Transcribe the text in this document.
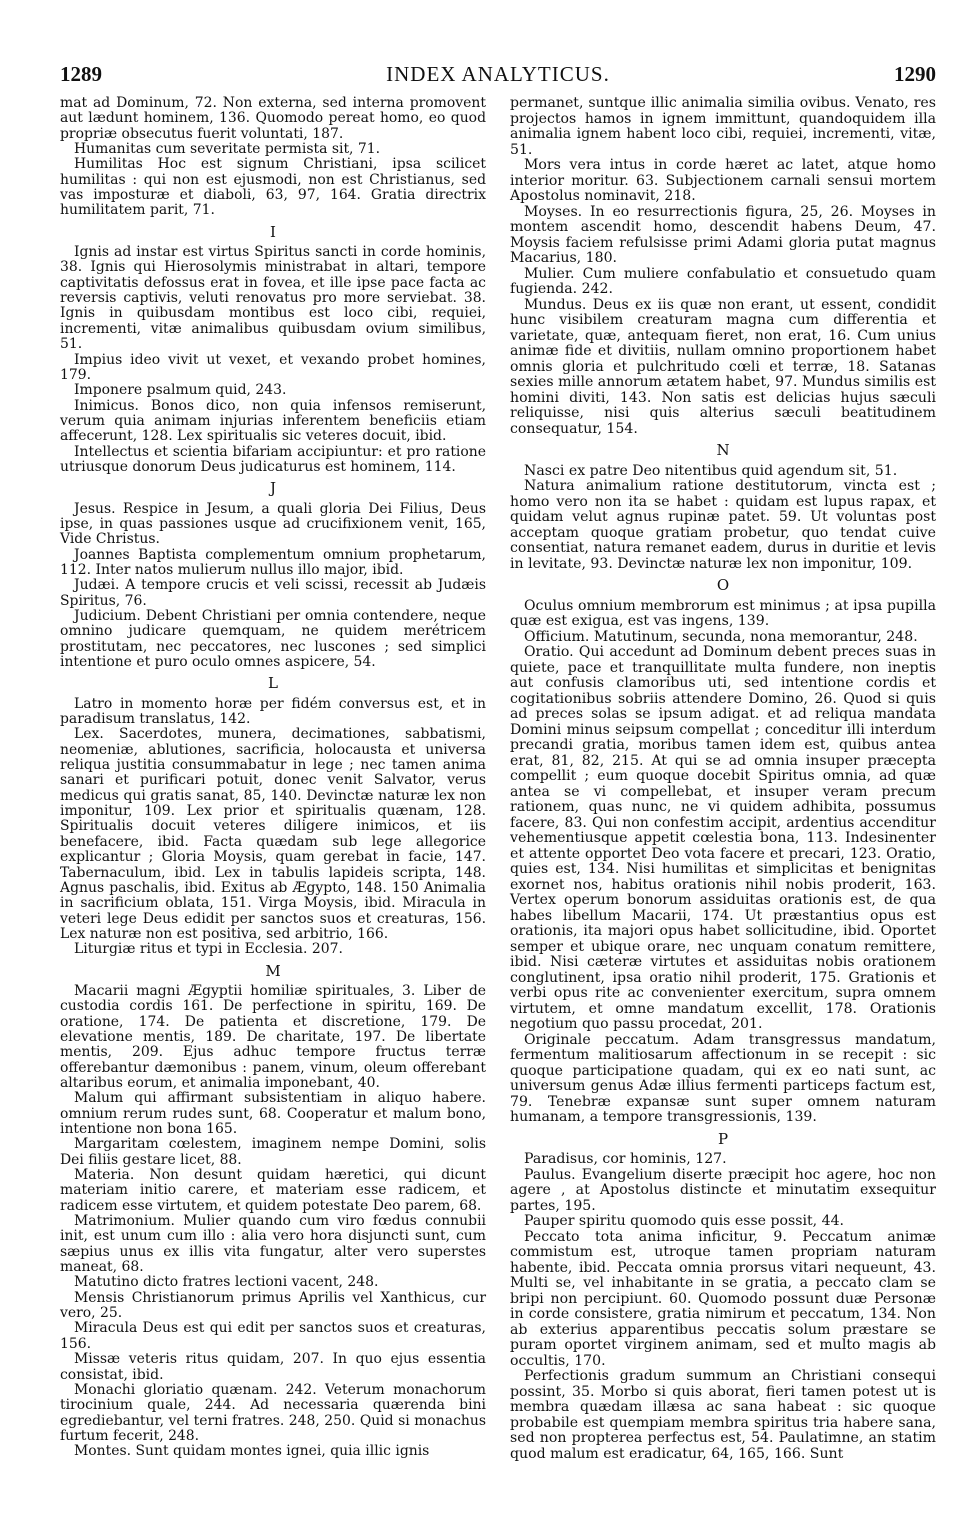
1289	INDEX ANALYTICUS.	1290

mat ad Dominum, 72. Non externa, sed interna promovent aut lædunt hominem, 136. Quomodo pereat homo, eo quod propriæ obsecutus fuerit voluntati, 187.

Humanitas cum severitate permista sit, 71.

Humilitas Hoc est signum Christiani, ipsa scilicet humilitas : qui non est ejusmodi, non est Christianus, sed vas imposturæ et diaboli, 63, 97, 164. Gratia directrix humilitatem parit, 71.

I

Ignis ad instar est virtus Spiritus sancti in corde hominis, 38. Ignis qui Hierosolymis ministrabat in altari, tempore captivitatis defossus erat in fovea, et ille ipse pace facta ac reversis captivis, veluti renovatus pro more serviebat. 38. Ignis in quibusdam montibus est loco cibi, requiei, incrementi, vitæ animalibus quibusdam ovium similibus, 51.

Impius ideo vivit ut vexet, et vexando probet homines, 179.

Imponere psalmum quid, 243.

Inimicus. Bonos dico, non quia infensos remiserunt, verum quia animam injurias inferentem beneficiis etiam affecerunt, 128. Lex spiritualis sic veteres docuit, ibid.

Intellectus et scientia bifariam accipiuntur: et pro ratione utriusque donorum Deus judicaturus est hominem, 114.

J

Jesus. Respice in Jesum, a quali gloria Dei Filius, Deus ipse, in quas passiones usque ad crucifixionem venit, 165, Vide Christus.

Joannes Baptista complementum omnium prophetarum, 112. Inter natos mulierum nullus illo major, ibid.

Judæi. A tempore crucis et veli scissi, recessit ab Judæis Spiritus, 76.

Judicium. Debent Christiani per omnia contendere, neque omnino judicare quemquam, ne quidem merétricem prostitutam, nec peccatores, nec luscones ; sed simplici intentione et puro oculo omnes aspicere, 54.

L

Latro in momento horæ per fidém conversus est, et in paradisum translatus, 142.

Lex. Sacerdotes, munera, decimationes, sabbatismi, neomeniæ, ablutiones, sacrificia, holocausta et universa reliqua justitia consummabatur in lege ; nec tamen anima sanari et purificari potuit, donec venit Salvator, verus medicus qui gratis sanat, 85, 140. Devinctæ naturæ lex non imponitur, 109. Lex prior et spiritualis quænam, 128. Spiritualis docuit veteres diligere inimicos, et iis benefacere, ibid. Facta quædam sub lege allegorice explicantur ; Gloria Moysis, quam gerebat in facie, 147. Tabernaculum, ibid. Lex in tabulis lapideis scripta, 148. Agnus paschalis, ibid. Exitus ab Ægypto, 148. 150 Animalia in sacrificium oblata, 151. Virga Moysis, ibid. Miracula in veteri lege Deus edidit per sanctos suos et creaturas, 156. Lex naturæ non est positiva, sed arbitrio, 166.

Liturgiæ ritus et typi in Ecclesia. 207.

M

Macarii magni Ægyptii homiliæ spirituales, 3. Liber de custodia cordis 161. De perfectione in spiritu, 169. De oratione, 174. De patienta et discretione, 179. De elevatione mentis, 189. De charitate, 197. De libertate mentis, 209. Ejus adhuc tempore fructus terræ offerebantur dæmonibus : panem, vinum, oleum offerebant altaribus eorum, et animalia imponebant, 40.

Malum qui affirmant subsistentiam in aliquo habere. omnium rerum rudes sunt, 68. Cooperatur et malum bono, intentione non bona 165.

Margaritam cœlestem, imaginem nempe Domini, solis Dei filiis gestare licet, 88.

Materia. Non desunt quidam hæretici, qui dicunt materiam initio carere, et materiam esse radicem, et radicem esse virtutem, et quidem potestate Deo parem, 68.

Matrimonium. Mulier quando cum viro fœdus connubii init, est unum cum illo : alia vero hora disjuncti sunt, cum sæpius unus ex illis vita fungatur, alter vero superstes maneat, 68.

Matutino dicto fratres lectioni vacent, 248.

Mensis Christianorum primus Aprilis vel Xanthicus, cur vero, 25.

Miracula Deus est qui edit per sanctos suos et creaturas, 156.

Missæ veteris ritus quidam, 207. In quo ejus essentia consistat, ibid.

Monachi gloriatio quænam. 242. Veterum monachorum tirocinium quale, 244. Ad necessaria quærenda bini egrediebantur, vel terni fratres. 248, 250. Quid si monachus furtum fecerit, 248.

Montes. Sunt quidam montes ignei, quia illic ignis

permanet, suntque illic animalia similia ovibus. Venato, res projectos hamos in ignem immittunt, quandoquidem illa animalia ignem habent loco cibi, requiei, incrementi, vitæ, 51.

Mors vera intus in corde hæret ac latet, atque homo interior moritur. 63. Subjectionem carnali sensui mortem Apostolus nominavit, 218.

Moyses. In eo resurrectionis figura, 25, 26. Moyses in montem ascendit homo, descendit habens Deum, 47. Moysis faciem refulsisse primi Adami gloria putat magnus Macarius, 180.

Mulier. Cum muliere confabulatio et consuetudo quam fugienda. 242.

Mundus. Deus ex iis quæ non erant, ut essent, condidit hunc visibilem creaturam magna cum differentia et varietate, quæ, antequam fieret, non erat, 16. Cum unius animæ fide et divitiis, nullam omnino proportionem habet omnis gloria et pulchritudo cœli et terræ, 18. Satanas sexies mille annorum ætatem habet, 97. Mundus similis est homini diviti, 143. Non satis est delicias hujus sæculi reliquisse, nisi quis alterius sæculi beatitudinem consequatur, 154.

N

Nasci ex patre Deo nitentibus quid agendum sit, 51.

Natura animalium ratione destitutorum, vincta est ; homo vero non ita se habet : quidam est lupus rapax, et quidam velut agnus rupinæ patet. 59. Ut voluntas post acceptam quoque gratiam probetur, quo tendat cuive consentiat, natura remanet eadem, durus in duritie et levis in levitate, 93. Devinctæ naturæ lex non imponitur, 109.

O

Oculus omnium membrorum est minimus ; at ipsa pupilla quæ est exigua, est vas ingens, 139.

Officium. Matutinum, secunda, nona memorantur, 248.

Oratio. Qui accedunt ad Dominum debent preces suas in quiete, pace et tranquillitate multa fundere, non ineptis aut confusis clamoribus uti, sed intentione cordis et cogitationibus sobriis attendere Domino, 26. Quod si quis ad preces solas se ipsum adigat. et ad reliqua mandata Domini minus seipsum compellat ; conceditur illi interdum precandi gratia, moribus tamen idem est, quibus antea erat, 81, 82, 215. At qui se ad omnia insuper præcepta compellit ; eum quoque docebit Spiritus omnia, ad quæ antea se vi compellebat, et insuper veram precum rationem, quas nunc, ne vi quidem adhibita, possumus facere, 83. Qui non confestim accipit, ardentius accenditur vehementiusque appetit cœlestia bona, 113. Indesinenter et attente opportet Deo vota facere et precari, 123. Oratio, quies est, 134. Nisi humilitas et simplicitas et benignitas exornet nos, habitus orationis nihil nobis proderit, 163. Vertex operum bonorum assiduitas orationis est, de qua habes libellum Macarii, 174. Ut præstantius opus est orationis, ita majori opus habet sollicitudine, ibid. Oportet semper et ubique orare, nec unquam conatum remittere, ibid. Nisi cæteræ virtutes et assiduitas nobis orationem conglutinent, ipsa oratio nihil proderit, 175. Grationis et verbi opus rite ac convenienter exercitum, supra omnem virtutem, et omne mandatum excellit, 178. Orationis negotium quo passu procedat, 201.

Originale peccatum. Adam transgressus mandatum, fermentum malitiosarum affectionum in se recepit : sic quoque participatione quadam, qui ex eo nati sunt, ac universum genus Adæ illius fermenti particeps factum est, 79. Tenebræ expansæ sunt super omnem naturam humanam, a tempore transgressionis, 139.

P

Paradisus, cor hominis, 127.

Paulus. Evangelium diserte præcipit hoc agere, hoc non agere , at Apostolus distincte et minutatim exsequitur partes, 195.

Pauper spiritu quomodo quis esse possit, 44.

Peccato tota anima inficitur, 9. Peccatum animæ commistum est, utroque tamen propriam naturam habente, ibid. Peccata omnia prorsus vitari nequeunt, 43. Multi se, vel inhabitante in se gratia, a peccato clam se bripi non percipiunt. 60. Quomodo possunt duæ Personæ in corde consistere, gratia nimirum et peccatum, 134. Non ab exterius apparentibus peccatis solum præstare se puram oportet virginem animam, sed et multo magis ab occultis, 170.

Perfectionis gradum summum an Christiani consequi possint, 35. Morbo si quis aborat, fieri tamen potest ut is membra quædam illæsa ac sana habeat : sic quoque probabile est quempiam membra spiritus tria habere sana, sed non propterea perfectus est, 54. Paulatimne, an statim quod malum est eradicatur, 64, 165, 166. Sunt
